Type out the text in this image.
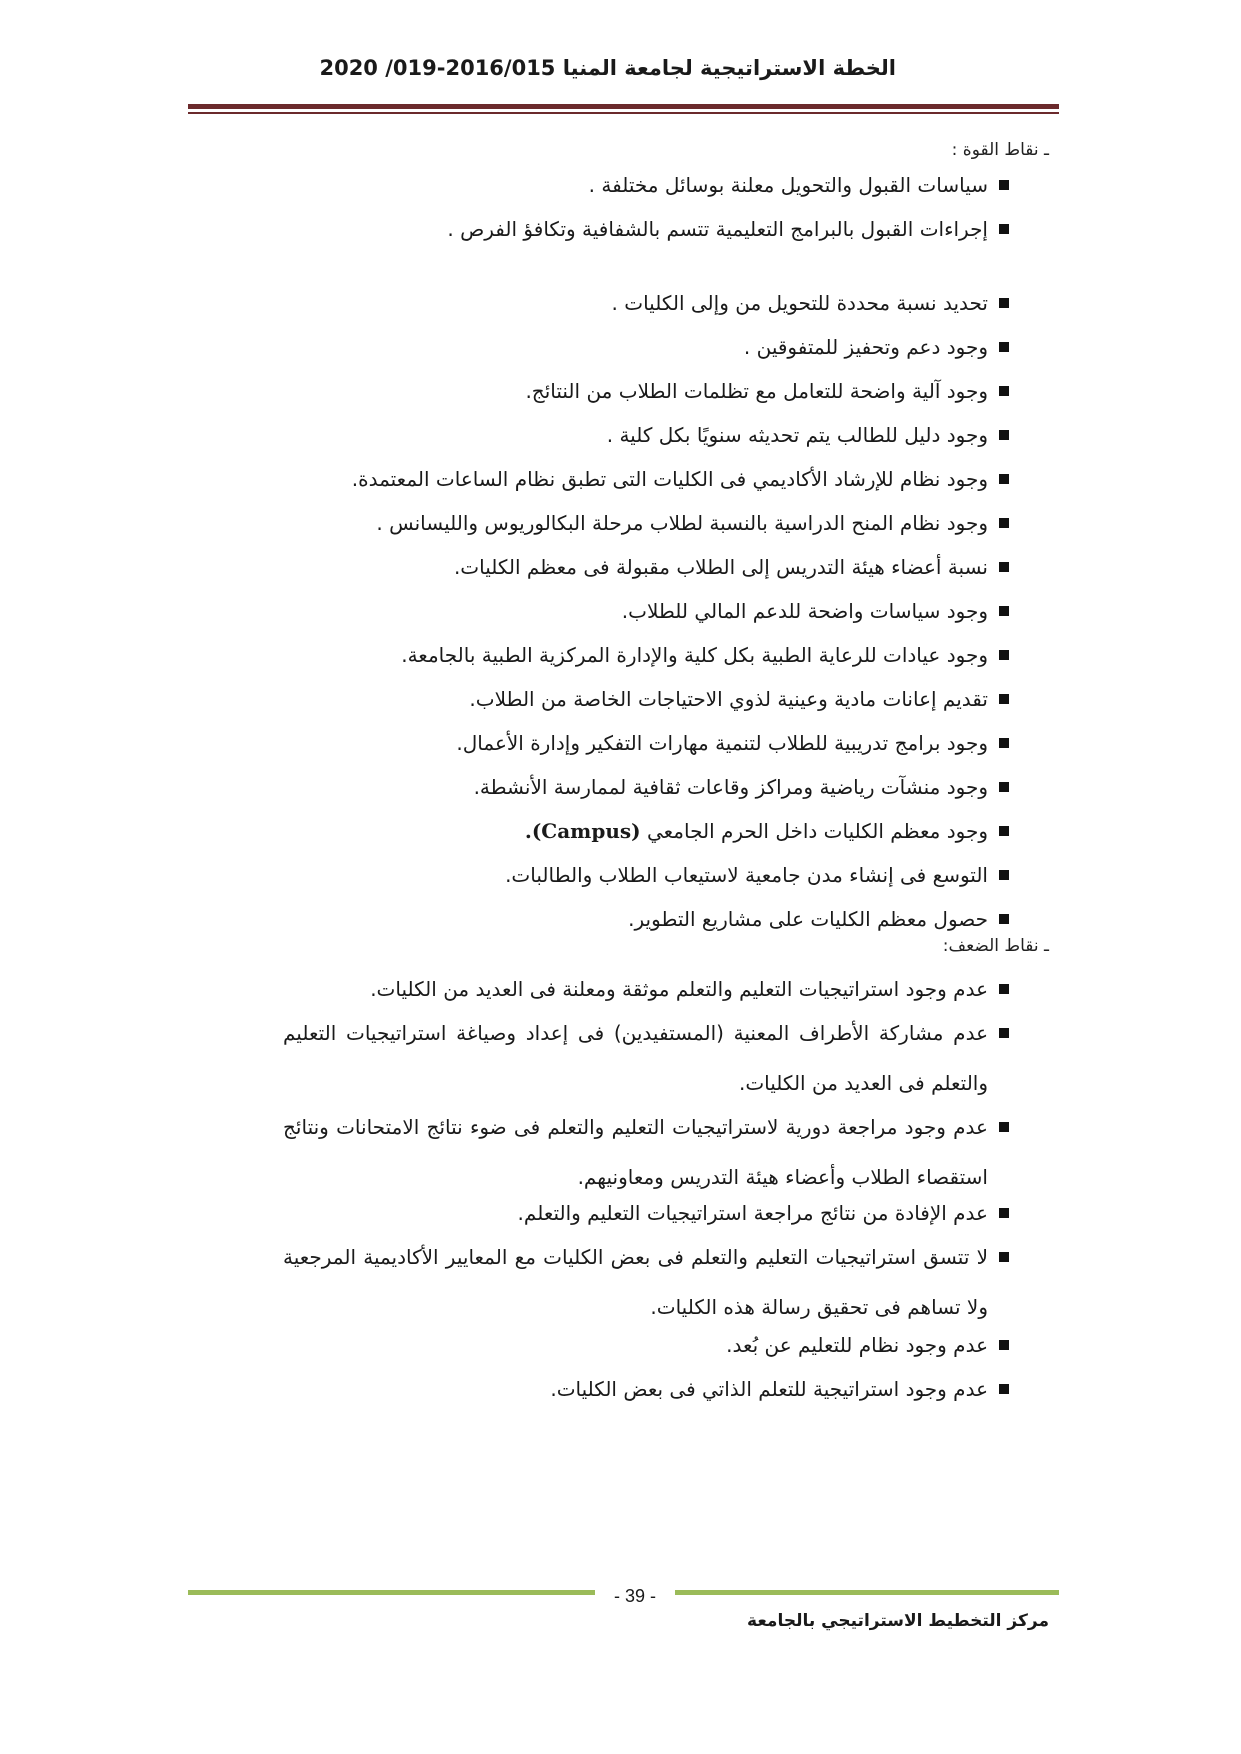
الخطة الاستراتيجية لجامعة المنيا 2016/015-019/ 2020
ـ نقاط القوة :
سياسات القبول والتحويل معلنة بوسائل مختلفة .
إجراءات القبول بالبرامج التعليمية تتسم بالشفافية وتكافؤ الفرص .
تحديد نسبة محددة للتحويل من وإلى الكليات .
وجود دعم وتحفيز للمتفوقين .
وجود آلية واضحة للتعامل مع تظلمات الطلاب من النتائج.
وجود دليل للطالب يتم تحديثه سنويًا بكل كلية .
وجود نظام للإرشاد الأكاديمي فى الكليات التى تطبق نظام الساعات المعتمدة.
وجود نظام المنح الدراسية بالنسبة لطلاب مرحلة البكالوريوس والليسانس .
نسبة أعضاء هيئة التدريس إلى الطلاب مقبولة فى معظم الكليات.
وجود سياسات واضحة للدعم المالي للطلاب.
وجود عيادات للرعاية الطبية بكل كلية والإدارة المركزية الطبية بالجامعة.
تقديم إعانات مادية وعينية لذوي الاحتياجات الخاصة من الطلاب.
وجود برامج تدريبية للطلاب لتنمية مهارات التفكير وإدارة الأعمال.
وجود منشآت رياضية ومراكز وقاعات ثقافية لممارسة الأنشطة.
وجود معظم الكليات داخل الحرم الجامعي (Campus).
التوسع فى إنشاء مدن جامعية لاستيعاب الطلاب والطالبات.
حصول معظم الكليات على مشاريع التطوير.
ـ نقاط الضعف:
عدم وجود استراتيجيات التعليم والتعلم موثقة ومعلنة فى العديد من الكليات.
عدم مشاركة الأطراف المعنية (المستفيدين) فى إعداد وصياغة استراتيجيات التعليم والتعلم فى العديد من الكليات.
عدم وجود مراجعة دورية لاستراتيجيات التعليم والتعلم فى ضوء نتائج الامتحانات ونتائج استقصاء الطلاب وأعضاء هيئة التدريس ومعاونيهم.
عدم الإفادة من نتائج مراجعة استراتيجيات التعليم والتعلم.
لا تتسق استراتيجيات التعليم والتعلم فى بعض الكليات مع المعايير الأكاديمية المرجعية ولا تساهم فى تحقيق رسالة هذه الكليات.
عدم وجود نظام للتعليم عن بُعد.
عدم وجود استراتيجية للتعلم الذاتي فى بعض الكليات.
- 39 -
مركز التخطيط الاستراتيجي بالجامعة
